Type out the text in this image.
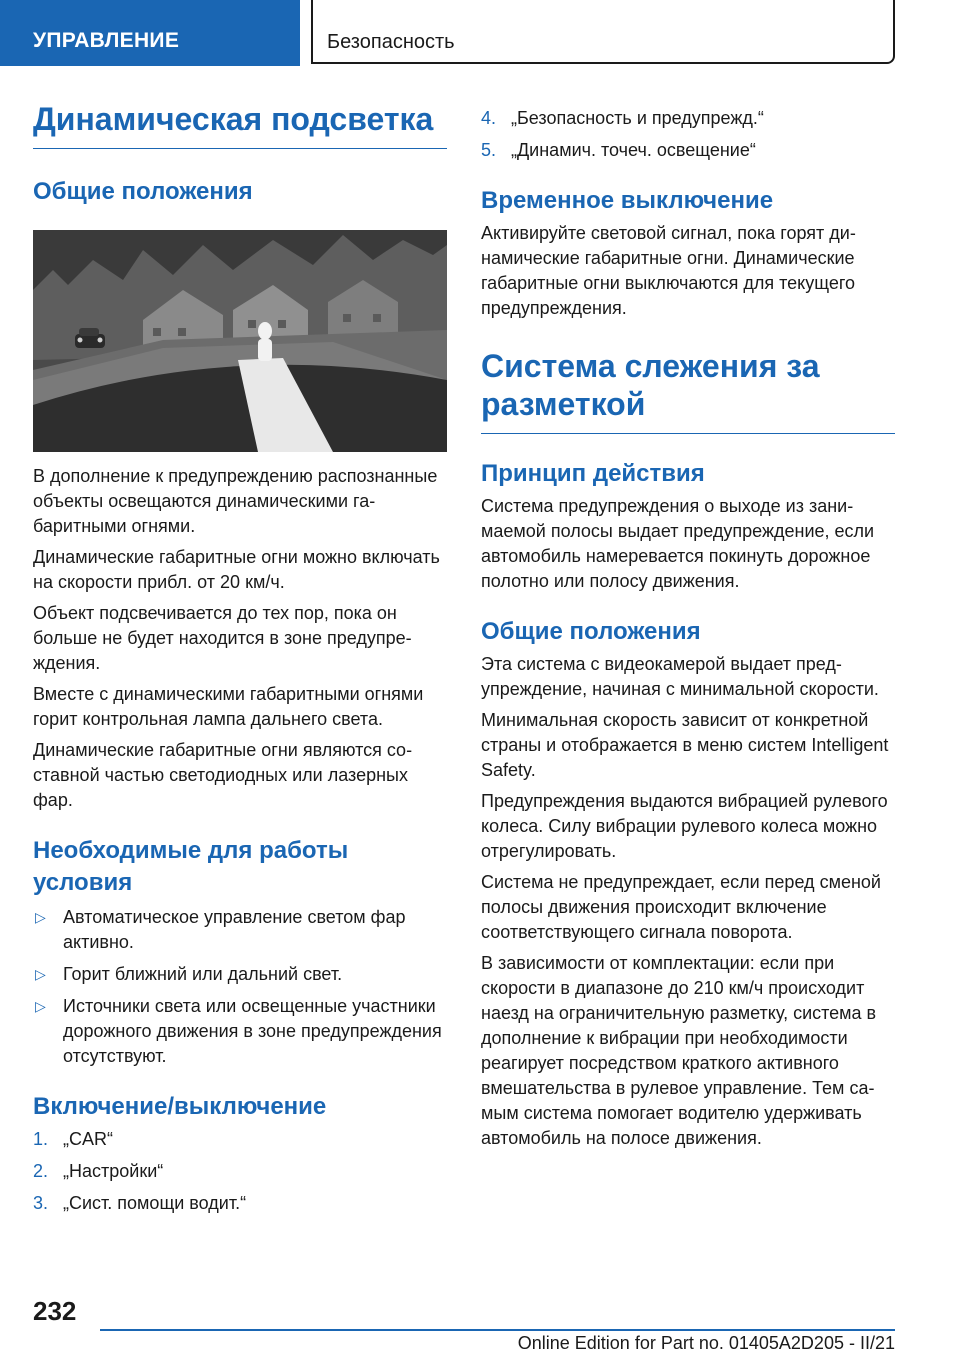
УПРАВЛЕНИЕ	Безопасность
Динамическая подсветка
Общие положения

В дополнение к предупреждению распознанные объекты освещаются динамическими габаритными огнями.

Динамические габаритные огни можно включать на скорости прибл. от 20 км/ч.

Объект подсвечивается до тех пор, пока он больше не будет находится в зоне предупреждения.

Вместе с динамическими габаритными огнями горит контрольная лампа дальнего света.

Динамические габаритные огни являются составной частью светодиодных или лазерных фар.

Необходимые для работы условия
▷ Автоматическое управление светом фар активно.
▷ Горит ближний или дальний свет.
▷ Источники света или освещенные участники дорожного движения в зоне предупреждения отсутствуют.
Включение/выключение
1. „CAR“
2. „Настройки“
3. „Сист. помощи водит.“
4. „Безопасность и предупрежд.“
5. „Динамич. точеч. освещение“
Временное выключение

Активируйте световой сигнал, пока горят динамические габаритные огни. Динамические габаритные огни выключаются для текущего предупреждения.

Система слежения за разметкой
Принцип действия

Система предупреждения о выходе из занимаемой полосы выдает предупреждение, если автомобиль намеревается покинуть дорожное полотно или полосу движения.

Общие положения

Эта система с видеокамерой выдает предупреждение, начиная с минимальной скорости.

Минимальная скорость зависит от конкретной страны и отображается в меню систем Intelligent Safety.

Предупреждения выдаются вибрацией рулевого колеса. Силу вибрации рулевого колеса можно отрегулировать.

Система не предупреждает, если перед сменой полосы движения происходит включение соответствующего сигнала поворота.

В зависимости от комплектации: если при скорости в диапазоне до 210 км/ч происходит наезд на ограничительную разметку, система в дополнение к вибрации при необходимости реагирует посредством краткого активного вмешательства в рулевое управление. Тем самым система помогает водителю удерживать автомобиль на полосе движения.

232
Online Edition for Part no. 01405A2D205 - II/21
